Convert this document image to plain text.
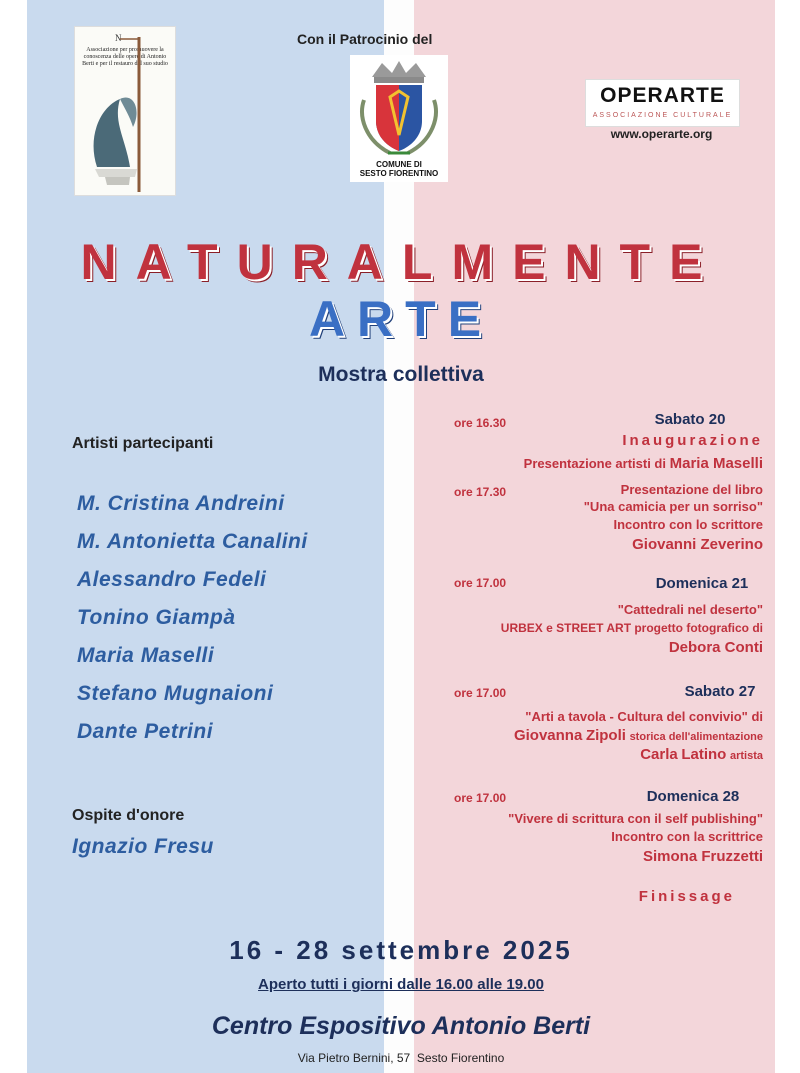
N
Associazione per promuovere la conoscenza delle opere di Antonio Berti e per il restauro del suo studio
Con il Patrocinio del
COMUNE DI
SESTO FIORENTINO
OPERARTE
ASSOCIAZIONE CULTURALE
www.operarte.org
NATURALMENTE
ARTE
Mostra collettiva
Artisti partecipanti
M. Cristina Andreini
M. Antonietta Canalini
Alessandro Fedeli
Tonino Giampà
Maria Maselli
Stefano Mugnaioni
Dante Petrini
Ospite d'onore
Ignazio Fresu
ore 16.30	Sabato 20
Inaugurazione
Presentazione artisti di Maria Maselli
ore 17.30	Presentazione del libro
"Una camicia per un sorriso"
Incontro con lo scrittore
Giovanni Zeverino
ore 17.00	Domenica 21
"Cattedrali nel deserto"
URBEX e STREET ART progetto fotografico di
Debora Conti
ore 17.00	Sabato 27
"Arti a tavola - Cultura del convivio" di
Giovanna Zipoli storica dell'alimentazione
Carla Latino artista
ore 17.00	Domenica 28
"Vivere di scrittura con il self publishing"
Incontro con la scrittrice
Simona Fruzzetti
Finissage
16 - 28 settembre 2025
Aperto tutti i giorni dalle 16.00 alle 19.00
Centro Espositivo Antonio Berti
Via Pietro Bernini, 57  Sesto Fiorentino
